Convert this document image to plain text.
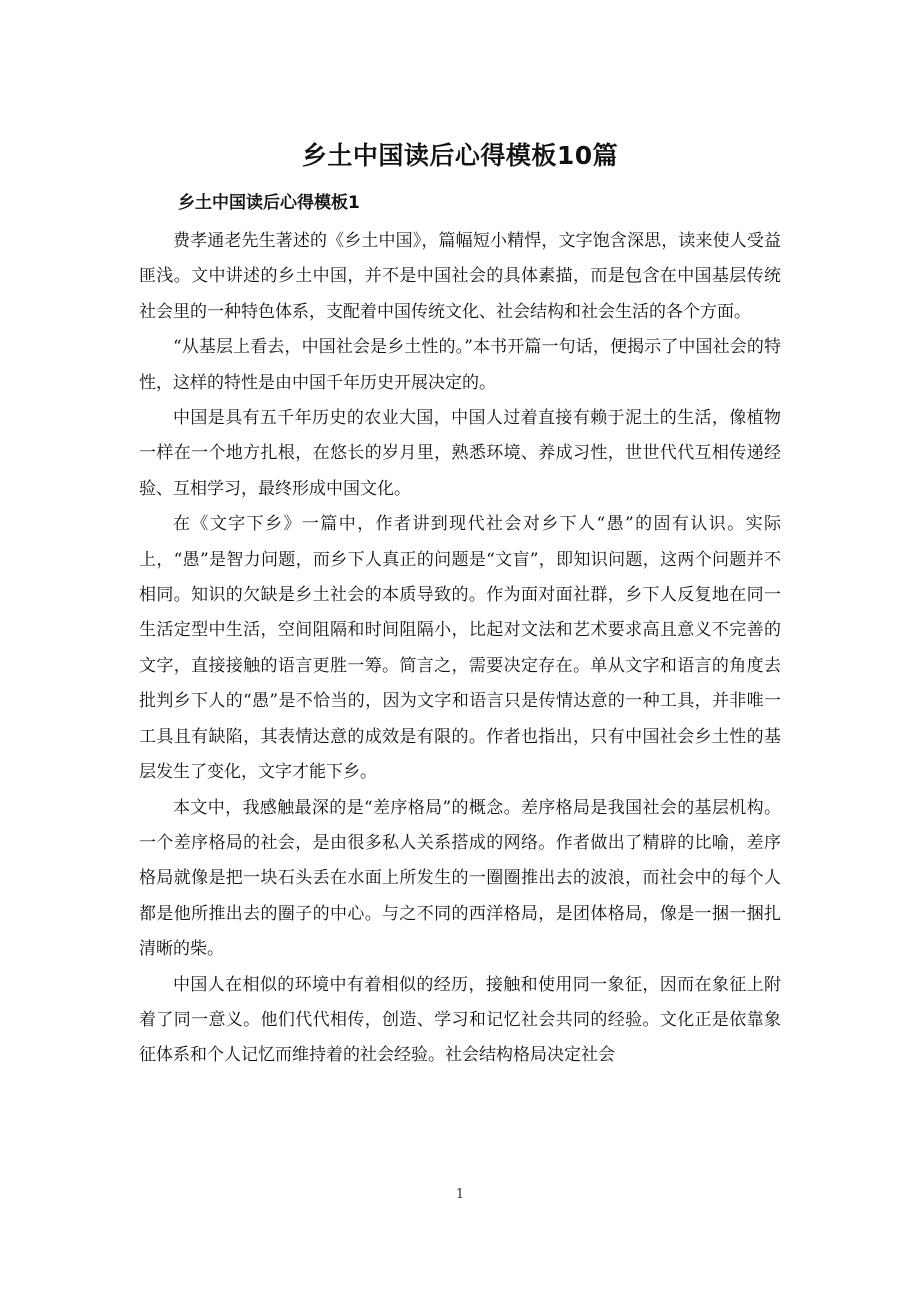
乡土中国读后心得模板10篇
乡土中国读后心得模板1

费孝通老先生著述的《乡土中国》，篇幅短小精悍，文字饱含深思，读来使人受益匪浅。文中讲述的乡土中国，并不是中国社会的具体素描，而是包含在中国基层传统社会里的一种特色体系，支配着中国传统文化、社会结构和社会生活的各个方面。

“从基层上看去，中国社会是乡土性的。”本书开篇一句话，便揭示了中国社会的特性，这样的特性是由中国千年历史开展决定的。

中国是具有五千年历史的农业大国，中国人过着直接有赖于泥土的生活，像植物一样在一个地方扎根，在悠长的岁月里，熟悉环境、养成习性，世世代代互相传递经验、互相学习，最终形成中国文化。

在《文字下乡》一篇中，作者讲到现代社会对乡下人“愚”的固有认识。实际上，“愚”是智力问题，而乡下人真正的问题是“文盲”，即知识问题，这两个问题并不相同。知识的欠缺是乡土社会的本质导致的。作为面对面社群，乡下人反复地在同一生活定型中生活，空间阻隔和时间阻隔小，比起对文法和艺术要求高且意义不完善的文字，直接接触的语言更胜一筹。简言之，需要决定存在。单从文字和语言的角度去批判乡下人的“愚”是不恰当的，因为文字和语言只是传情达意的一种工具，并非唯一工具且有缺陷，其表情达意的成效是有限的。作者也指出，只有中国社会乡土性的基层发生了变化，文字才能下乡。

本文中，我感触最深的是“差序格局”的概念。差序格局是我国社会的基层机构。一个差序格局的社会，是由很多私人关系搭成的网络。作者做出了精辟的比喻，差序格局就像是把一块石头丢在水面上所发生的一圈圈推出去的波浪，而社会中的每个人都是他所推出去的圈子的中心。与之不同的西洋格局，是团体格局，像是一捆一捆扎清晰的柴。

中国人在相似的环境中有着相似的经历，接触和使用同一象征，因而在象征上附着了同一意义。他们代代相传，创造、学习和记忆社会共同的经验。文化正是依靠象征体系和个人记忆而维持着的社会经验。社会结构格局决定社会

1
